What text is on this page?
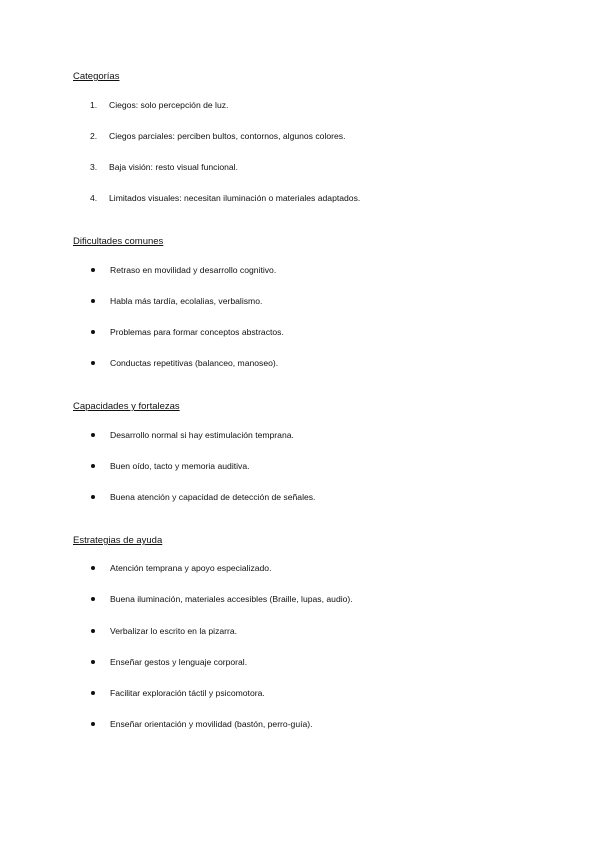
Categorías
1.	Ciegos: solo percepción de luz.
2.	Ciegos parciales: perciben bultos, contornos, algunos colores.
3.	Baja visión: resto visual funcional.
4.	Limitados visuales: necesitan iluminación o materiales adaptados.
Dificultades comunes
Retraso en movilidad y desarrollo cognitivo.
Habla más tardía, ecolalias, verbalismo.
Problemas para formar conceptos abstractos.
Conductas repetitivas (balanceo, manoseo).
Capacidades y fortalezas
Desarrollo normal si hay estimulación temprana.
Buen oído, tacto y memoria auditiva.
Buena atención y capacidad de detección de señales.
Estrategias de ayuda
Atención temprana y apoyo especializado.
Buena iluminación, materiales accesibles (Braille, lupas, audio).
Verbalizar lo escrito en la pizarra.
Enseñar gestos y lenguaje corporal.
Facilitar exploración táctil y psicomotora.
Enseñar orientación y movilidad (bastón, perro-guía).
